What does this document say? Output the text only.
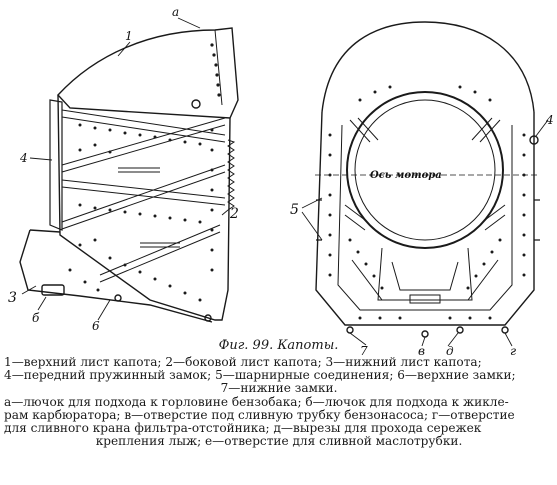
а
1
4
2
3
б
6
Ось мотора
5
4
7	в д	г
Фиг. 99. Капоты.

1—верхний лист капота; 2—боковой лист капота; 3—нижний лист капота;

4—передний пружинный замок; 5—шарнирные соединения; 6—верхние замки;

7—нижние замки.

а—лючок для подхода к горловине бензобака; б—лючок для подхода к жикле-

рам карбюратора; в—отверстие под сливную трубку бензонасоса; г—отверстие

для сливного крана фильтра-отстойника; д—вырезы для прохода сережек

крепления лыж; е—отверстие для сливной маслотрубки.
